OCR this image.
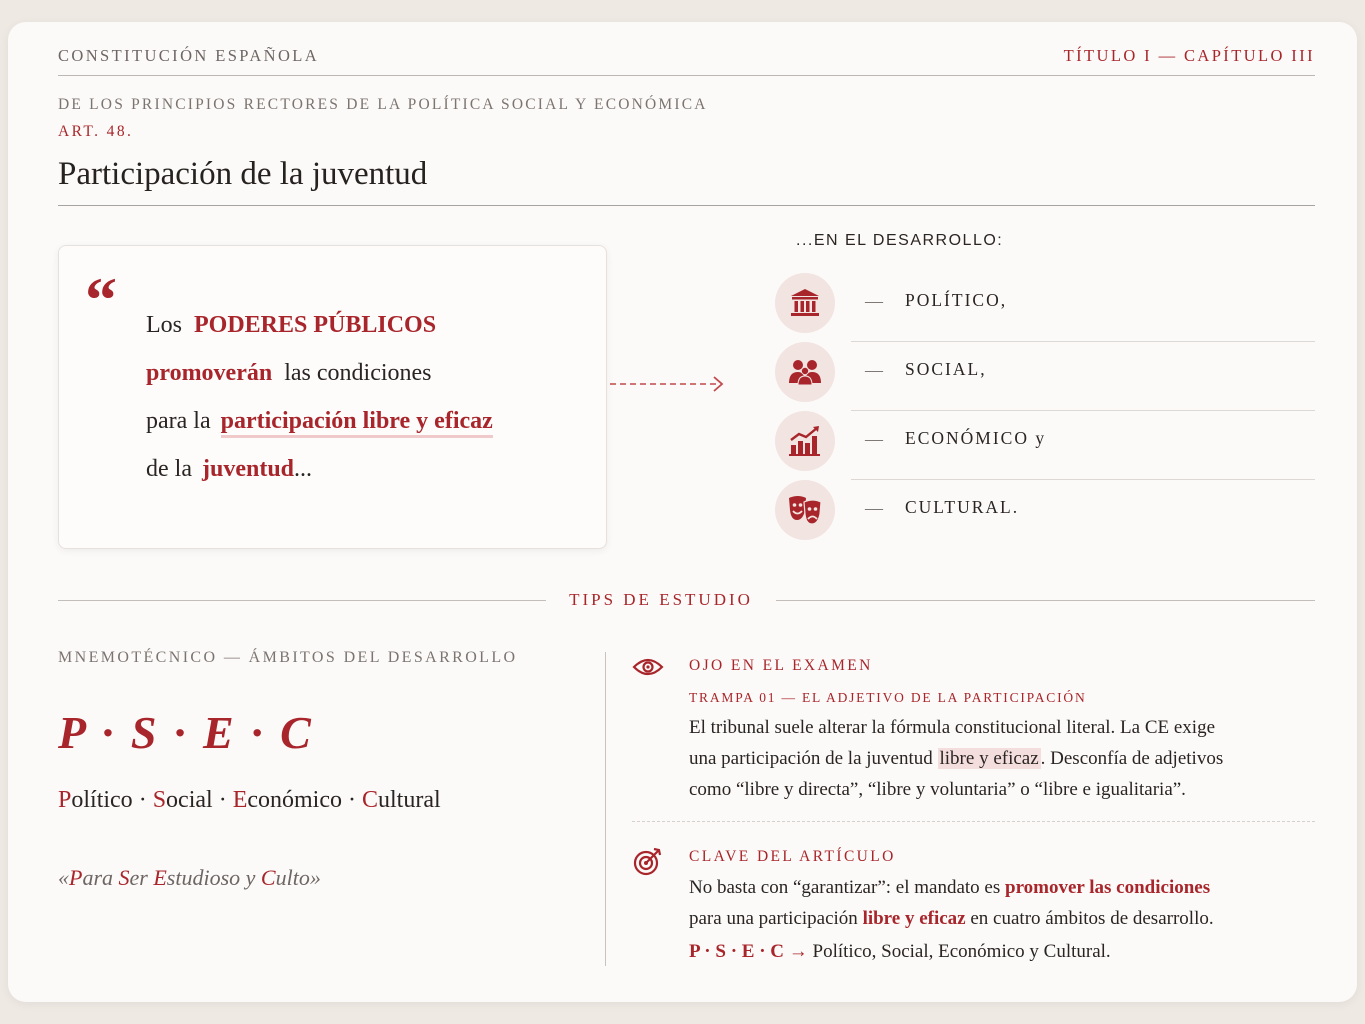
CONSTITUCIÓN ESPAÑOLA	TÍTULO I — CAPÍTULO III
DE LOS PRINCIPIOS RECTORES DE LA POLÍTICA SOCIAL Y ECONÓMICA
ART. 48.
Participación de la juventud
“ Los PODERES PÚBLICOS
promoverán las condiciones
para la participación libre y eficaz
de la juventud...
...EN EL DESARROLLO:
— POLÍTICO,
— SOCIAL,
— ECONÓMICO y
— CULTURAL.
TIPS DE ESTUDIO
MNEMOTÉCNICO — ÁMBITOS DEL DESARROLLO
P · S · E · C
Político · Social · Económico · Cultural
«Para Ser Estudioso y Culto»
OJO EN EL EXAMEN
TRAMPA 01 — EL ADJETIVO DE LA PARTICIPACIÓN
El tribunal suele alterar la fórmula constitucional literal. La CE exige
una participación de la juventud libre y eficaz . Desconfía de adjetivos
como “libre y directa”, “libre y voluntaria” o “libre e igualitaria”.
CLAVE DEL ARTÍCULO
No basta con “garantizar”: el mandato es promover las condiciones
para una participación libre y eficaz en cuatro ámbitos de desarrollo.
P · S · E · C → Político, Social, Económico y Cultural.
